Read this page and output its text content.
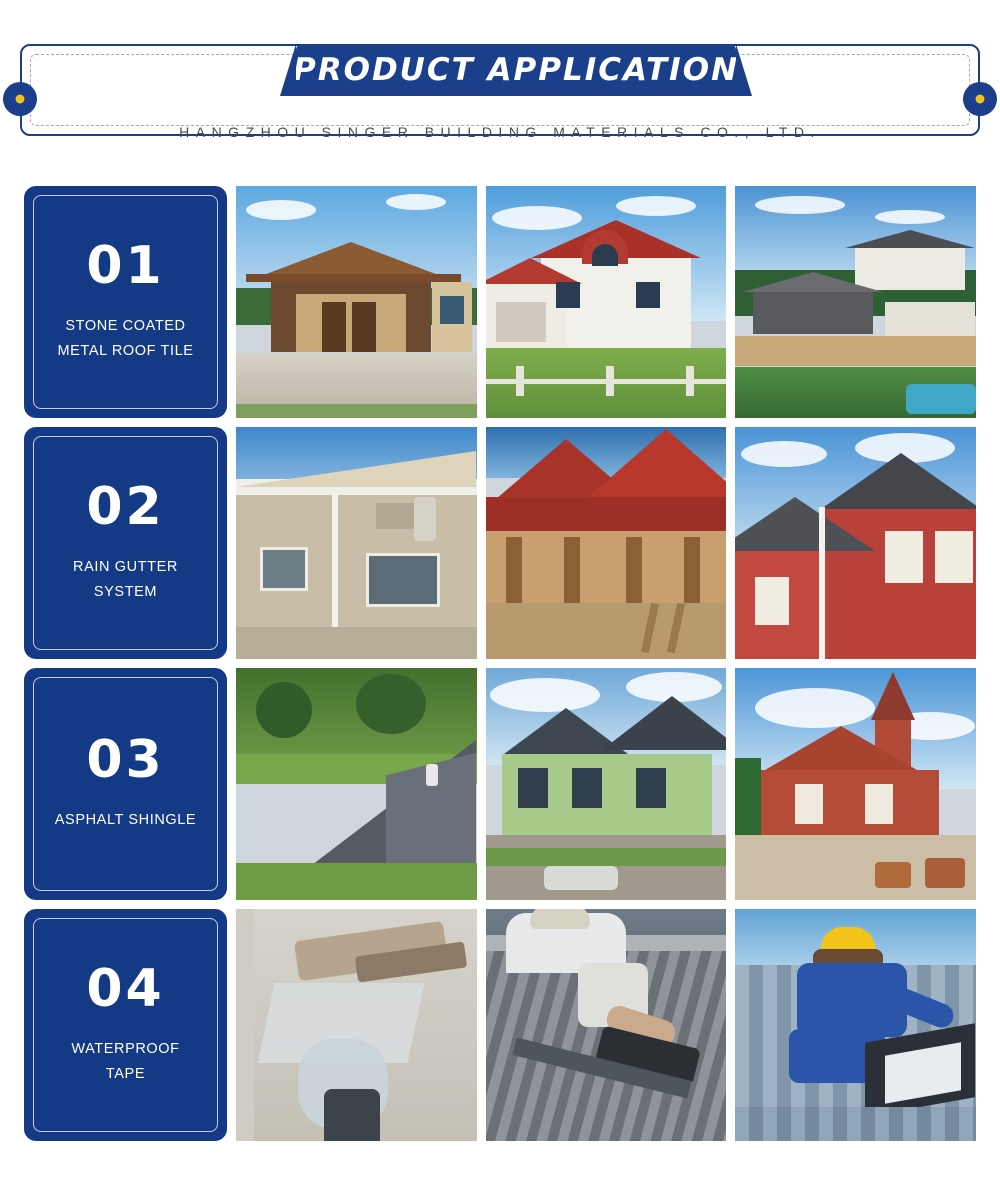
HANGZHOU SINGER BUILDING MATERIALS CO., LTD.
PRODUCT APPLICATION
01
STONE COATED
METAL ROOF TILE
02
RAIN GUTTER
SYSTEM
03
ASPHALT SHINGLE
04
WATERPROOF
TAPE
